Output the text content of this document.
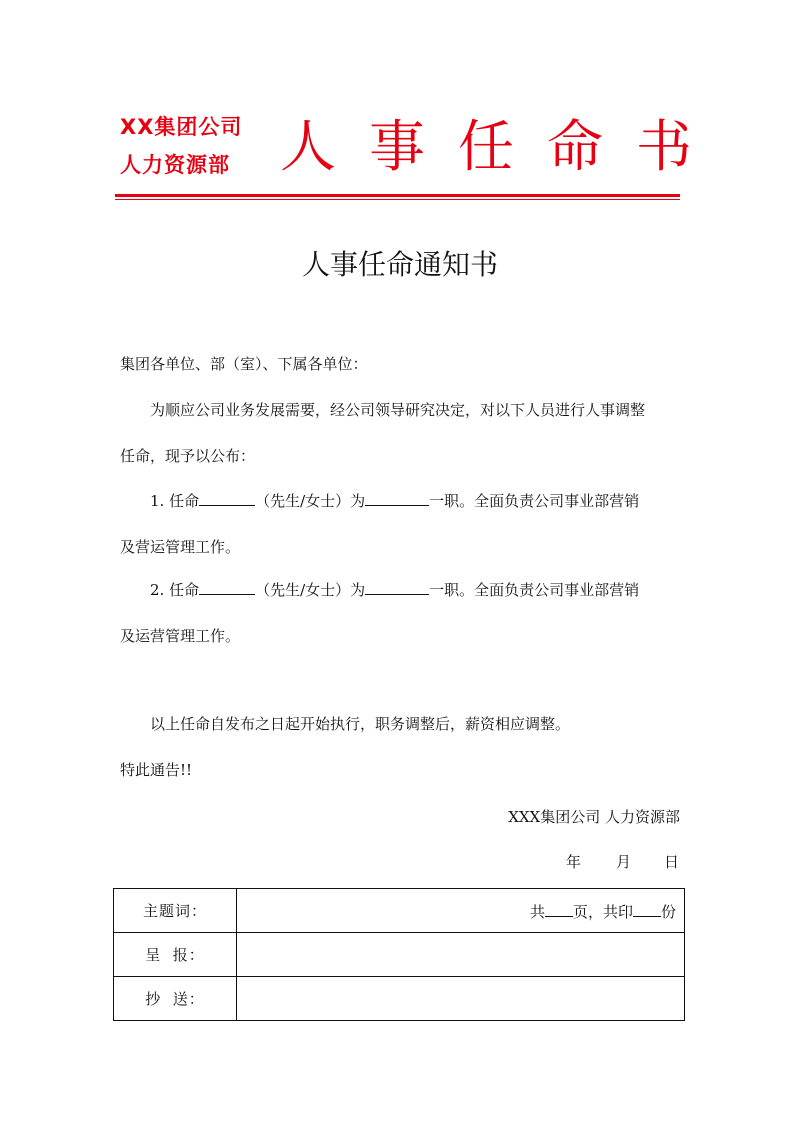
XX集团公司
人力资源部 人事任命书
人事任命通知书
集团各单位、部（室）、下属各单位：
为顺应公司业务发展需要，经公司领导研究决定，对以下人员进行人事调整
任命，现予以公布：
1. 任命	（先生/女士）为	一职。全面负责公司事业部营销
及营运管理工作。
2. 任命	（先生/女士）为	一职。全面负责公司事业部营销
及运营管理工作。
以上任命自发布之日起开始执行，职务调整后，薪资相应调整。
特此通告!!
XXX集团公司 人力资源部
年 月 日
主题词：	共 页，共印 份
呈  报：	
抄  送：	
